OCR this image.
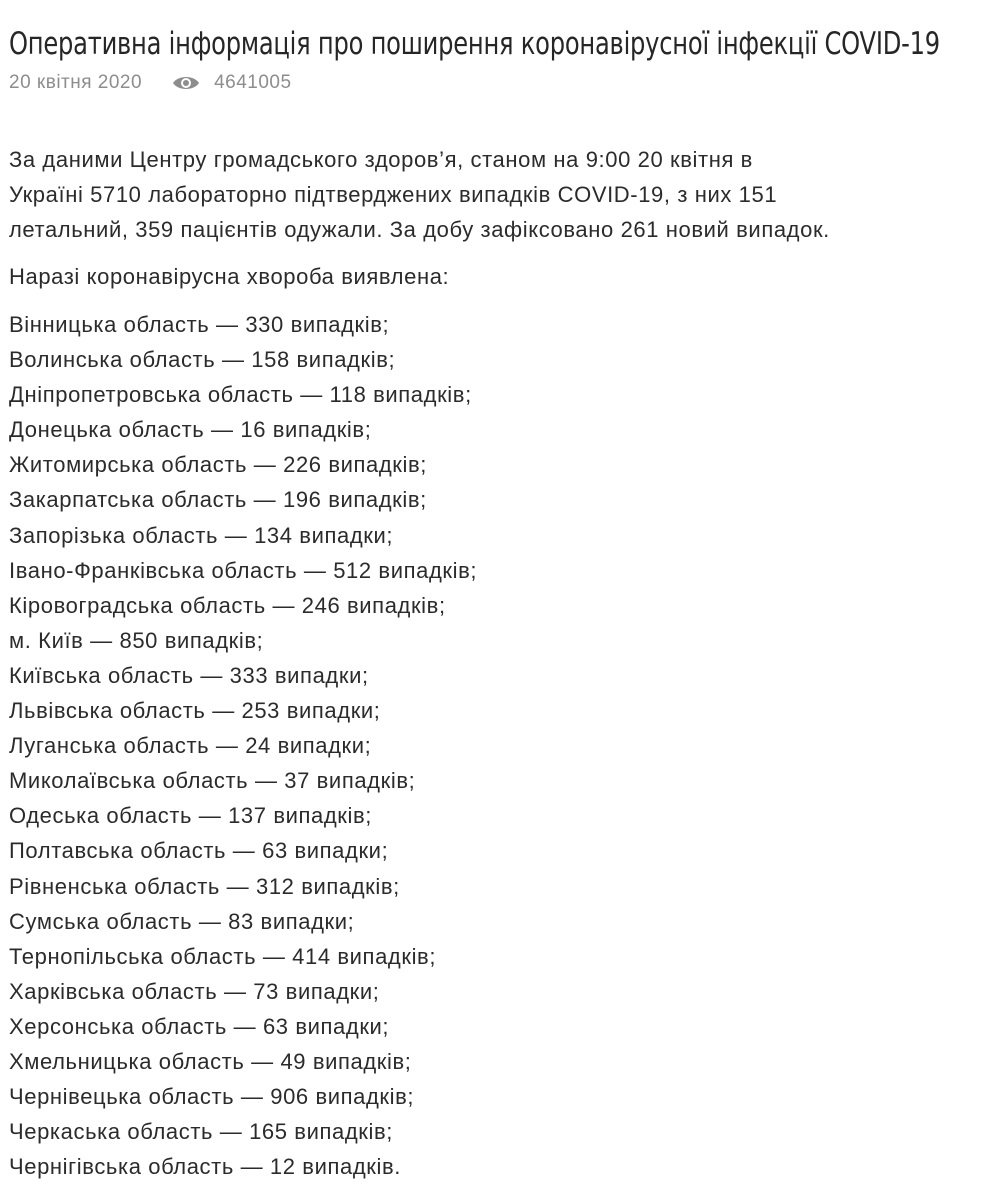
Оперативна інформація про поширення коронавірусної інфекції COVID-19
20 квітня 2020	4641005

За даними Центру громадського здоров’я, станом на 9:00 20 квітня в
Україні 5710 лабораторно підтверджених випадків COVID-19, з них 151
летальний, 359 пацієнтів одужали. За добу зафіксовано 261 новий випадок.

Наразі коронавірусна хвороба виявлена:
Вінницька область — 330 випадків;
Волинська область — 158 випадків;
Дніпропетровська область — 118 випадків;
Донецька область — 16 випадків;
Житомирська область — 226 випадків;
Закарпатська область — 196 випадків;
Запорізька область — 134 випадки;
Івано-Франківська область — 512 випадків;
Кіровоградська область — 246 випадків;
м. Київ — 850 випадків;
Київська область — 333 випадки;
Львівська область — 253 випадки;
Луганська область — 24 випадки;
Миколаївська область — 37 випадків;
Одеська область — 137 випадків;
Полтавська область — 63 випадки;
Рівненська область — 312 випадків;
Сумська область — 83 випадки;
Тернопільська область — 414 випадків;
Харківська область — 73 випадки;
Херсонська область — 63 випадки;
Хмельницька область — 49 випадків;
Чернівецька область — 906 випадків;
Черкаська область — 165 випадків;
Чернігівська область — 12 випадків.
